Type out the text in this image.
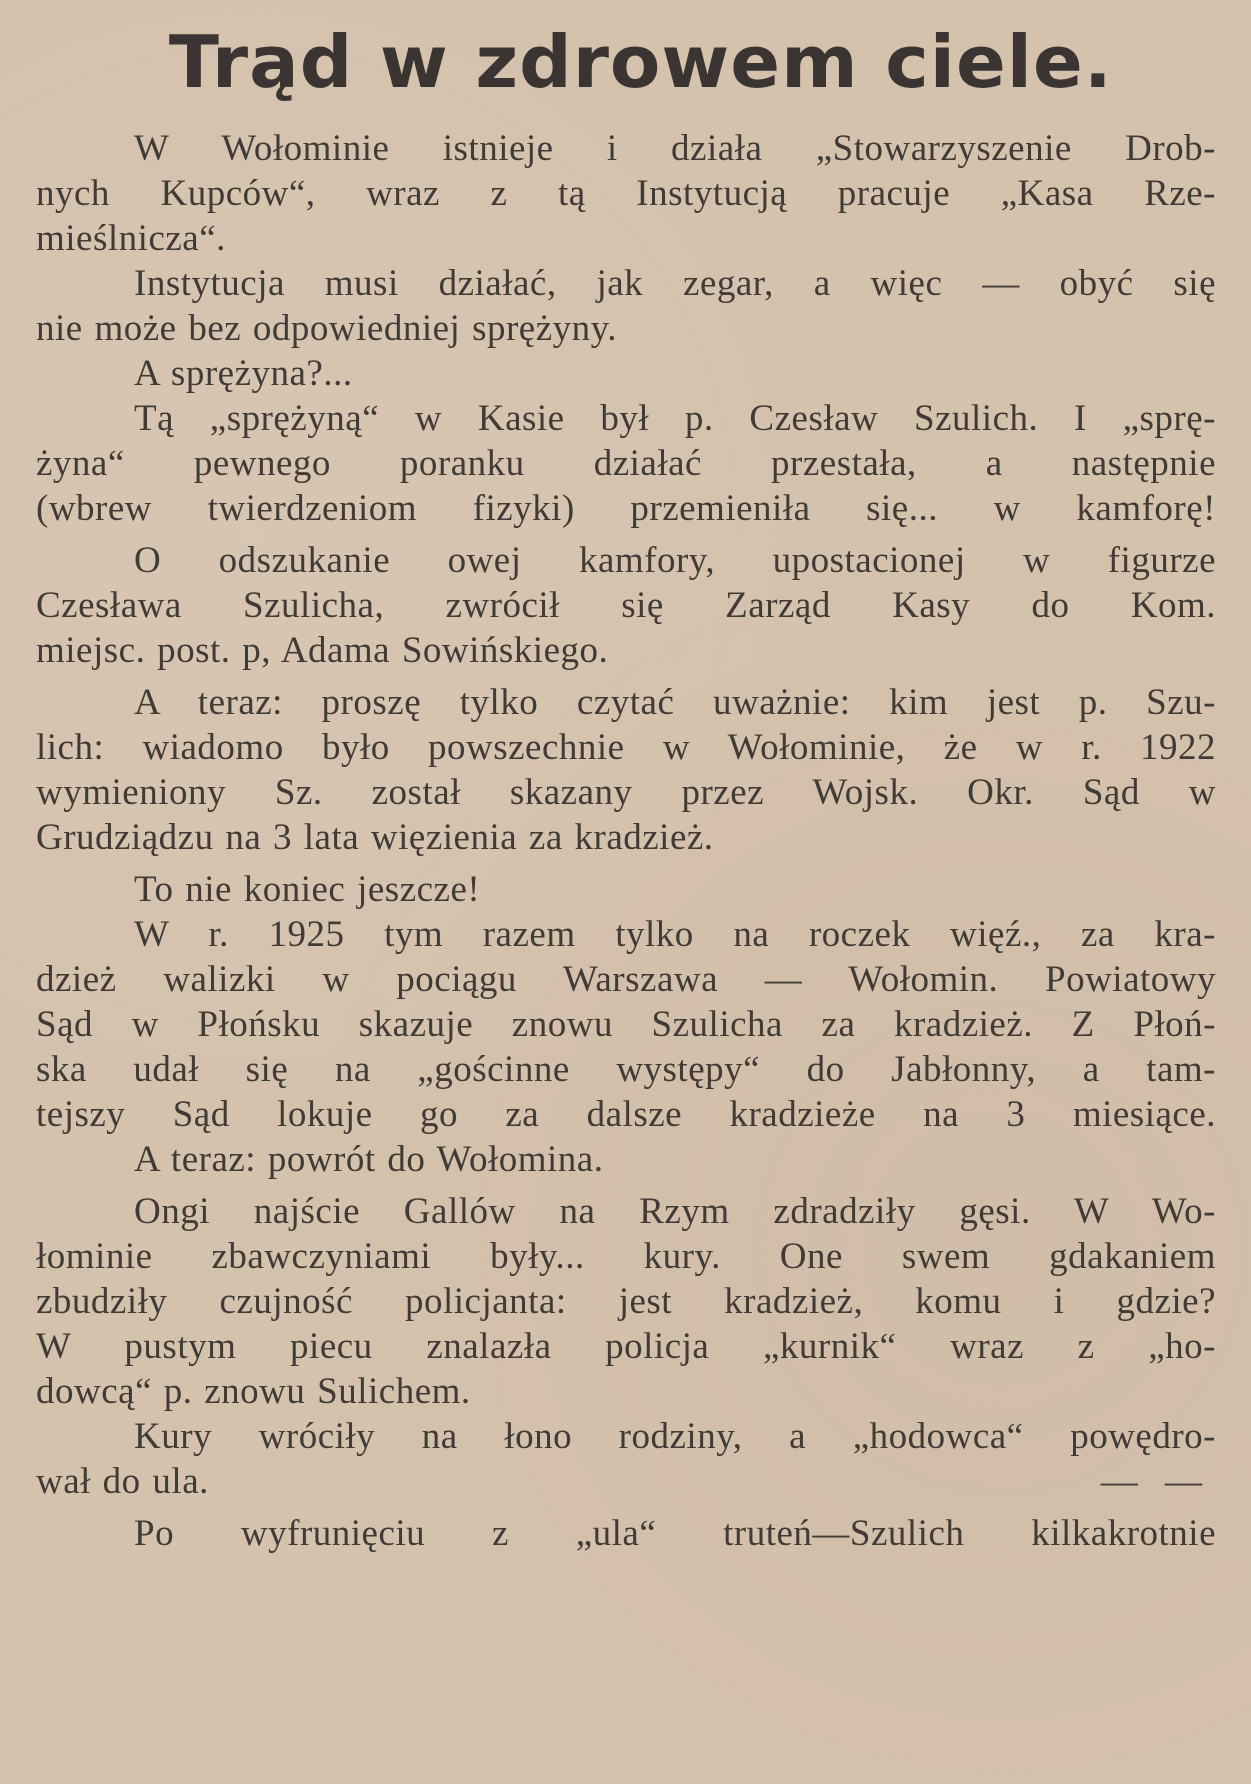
Trąd w zdrowem ciele.
W Wołominie istnieje i działa „Stowarzyszenie Drob-
nych Kupców“, wraz z tą Instytucją pracuje „Kasa Rze-
mieślnicza“.
Instytucja musi działać, jak zegar, a więc — obyć się
nie może bez odpowiedniej sprężyny.
A sprężyna?...
Tą „sprężyną“ w Kasie był p. Czesław Szulich. I „sprę-
żyna“ pewnego poranku działać przestała, a następnie
(wbrew twierdzeniom fizyki) przemieniła się... w kamforę!
O odszukanie owej kamfory, upostacionej w figurze
Czesława Szulicha, zwrócił się Zarząd Kasy do Kom.
miejsc. post. p, Adama Sowińskiego.
A teraz: proszę tylko czytać uważnie: kim jest p. Szu-
lich: wiadomo było powszechnie w Wołominie, że w r. 1922
wymieniony Sz. został skazany przez Wojsk. Okr. Sąd w
Grudziądzu na 3 lata więzienia za kradzież.
To nie koniec jeszcze!
W r. 1925 tym razem tylko na roczek więź., za kra-
dzież walizki w pociągu Warszawa — Wołomin. Powiatowy
Sąd w Płońsku skazuje znowu Szulicha za kradzież. Z Płoń-
ska udał się na „gościnne występy“ do Jabłonny, a tam-
tejszy Sąd lokuje go za dalsze kradzieże na 3 miesiące.
A teraz: powrót do Wołomina.
Ongi najście Gallów na Rzym zdradziły gęsi. W Wo-
łominie zbawczyniami były... kury. One swem gdakaniem
zbudziły czujność policjanta: jest kradzież, komu i gdzie?
W pustym piecu znalazła policja „kurnik“ wraz z „ho-
dowcą“ p. znowu Sulichem.
Kury wróciły na łono rodziny, a „hodowca“ powędro-
wał do ula.	— —
Po wyfrunięciu z „ula“ truteń—Szulich kilkakrotnie
